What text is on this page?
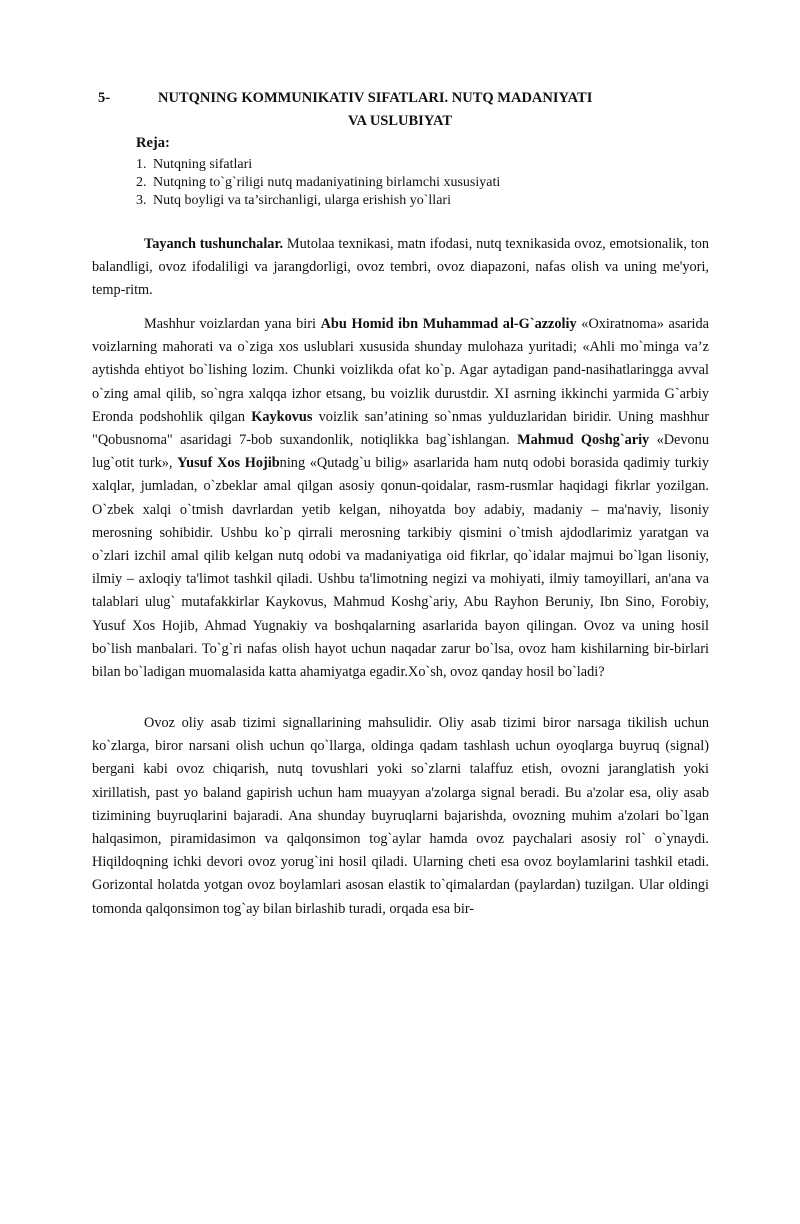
5-	NUTQNING KOMMUNIKATIV SIFATLARI. NUTQ MADANIYATI
VA USLUBIYAT
Reja:
1. Nutqning sifatlari
2. Nutqning to`g`riligi nutq madaniyatining birlamchi xususiyati
3. Nutq boyligi va ta’sirchanligi, ularga erishish yo`llari

Tayanch tushunchalar. Mutolaa texnikasi, matn ifodasi, nutq texnikasida ovoz, emotsionalik, ton balandligi, ovoz ifodaliligi va jarangdorligi, ovoz tembri, ovoz diapazoni, nafas olish va uning me'yori, temp-ritm.

Mashhur voizlardan yana biri Abu Homid ibn Muhammad al-G`azzoliy «Oxiratnoma» asarida voizlarning mahorati va o`ziga xos uslublari xususida shunday mulohaza yuritadi; «Ahli mo`minga va’z aytishda ehtiyot bo`lishing lozim. Chunki voizlikda ofat ko`p. Agar aytadigan pand-nasihatlaringga avval o`zing amal qilib, so`ngra xalqqa izhor etsang, bu voizlik durustdir. XI asrning ikkinchi yarmida G`arbiy Eronda podshohlik qilgan Kaykovus voizlik san’atining so`nmas yulduzlaridan biridir. Uning mashhur "Qobusnoma" asaridagi 7-bob suxandonlik, notiqlikka bag`ishlangan. Mahmud Qoshg`ariy «Devonu lug`otit turk», Yusuf Xos Hojibning «Qutadg`u bilig» asarlarida ham nutq odobi borasida qadimiy turkiy xalqlar, jumladan, o`zbeklar amal qilgan asosiy qonun-qoidalar, rasm-rusmlar haqidagi fikrlar yozilgan. O`zbek xalqi o`tmish davrlardan yetib kelgan, nihoyatda boy adabiy, madaniy – ma'naviy, lisoniy merosning sohibidir. Ushbu ko`p qirrali merosning tarkibiy qismini o`tmish ajdodlarimiz yaratgan va o`zlari izchil amal qilib kelgan nutq odobi va madaniyatiga oid fikrlar, qo`idalar majmui bo`lgan lisoniy, ilmiy – axloqiy ta'limot tashkil qiladi. Ushbu ta'limotning negizi va mohiyati, ilmiy tamoyillari, an'ana va talablari ulug` mutafakkirlar Kaykovus, Mahmud Koshg`ariy, Abu Rayhon Beruniy, Ibn Sino, Forobiy, Yusuf Xos Hojib, Ahmad Yugnakiy va boshqalarning asarlarida bayon qilingan. Ovoz va uning hosil bo`lish manbalari. To`g`ri nafas olish hayot uchun naqadar zarur bo`lsa, ovoz ham kishilarning bir-birlari bilan bo`ladigan muomalasida katta ahamiyatga egadir.Xo`sh, ovoz qanday hosil bo`ladi?

Ovoz oliy asab tizimi signallarining mahsulidir. Oliy asab tizimi biror narsaga tikilish uchun ko`zlarga, biror narsani olish uchun qo`llarga, oldinga qadam tashlash uchun oyoqlarga buyruq (signal) bergani kabi ovoz chiqarish, nutq tovushlari yoki so`zlarni talaffuz etish, ovozni jaranglatish yoki xirillatish, past yo baland gapirish uchun ham muayyan a'zolarga signal beradi. Bu a'zolar esa, oliy asab tizimining buyruqlarini bajaradi. Ana shunday buyruqlarni bajarishda, ovozning muhim a'zolari bo`lgan halqasimon, piramidasimon va qalqonsimon tog`aylar hamda ovoz paychalari asosiy rol` o`ynaydi. Hiqildoqning ichki devori ovoz yorug`ini hosil qiladi. Ularning cheti esa ovoz boylamlarini tashkil etadi. Gorizontal holatda yotgan ovoz boylamlari asosan elastik to`qimalardan (paylardan) tuzilgan. Ular oldingi tomonda qalqonsimon tog`ay bilan birlashib turadi, orqada esa bir-
